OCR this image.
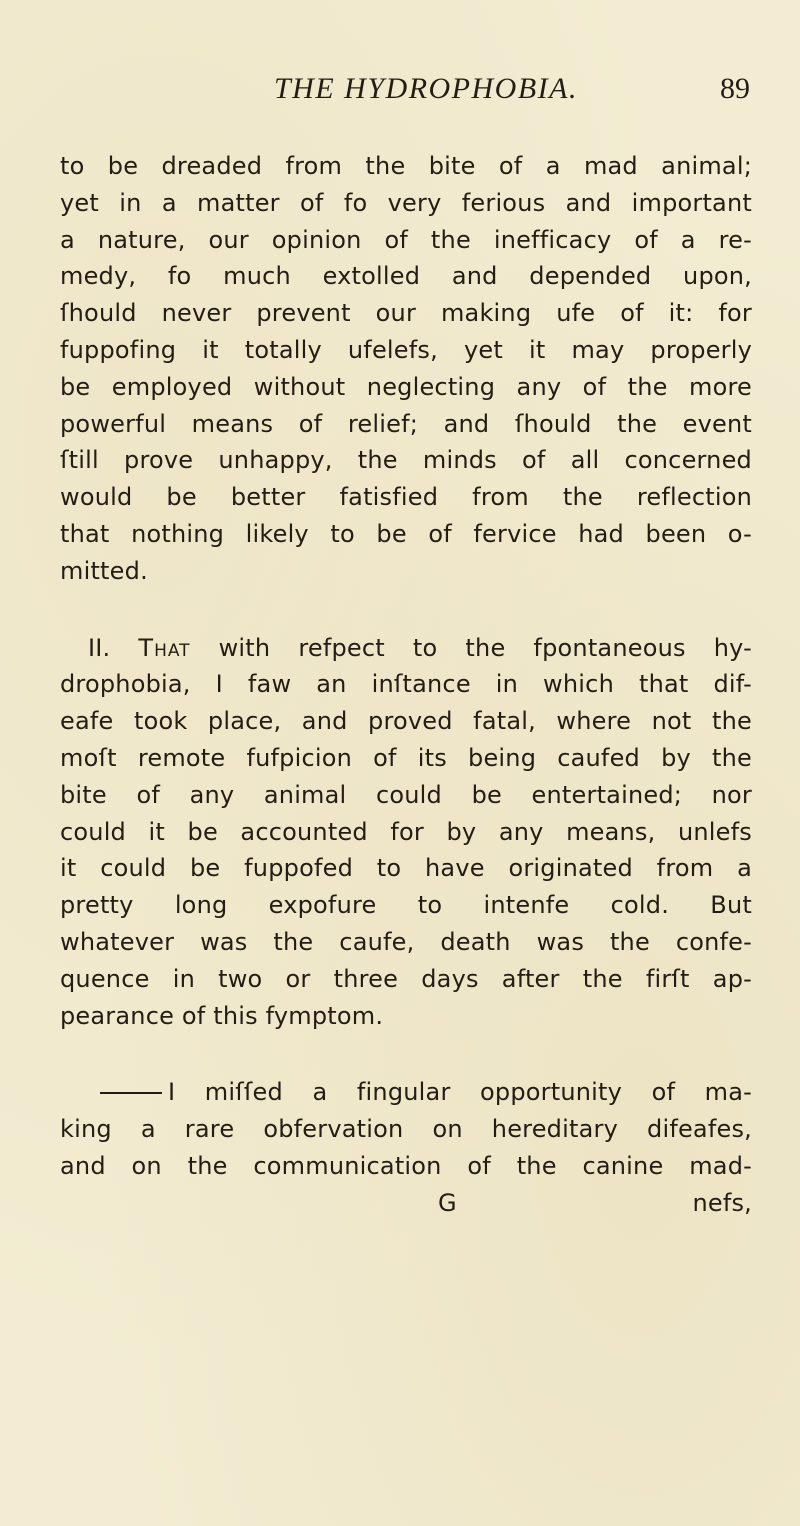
THE HYDROPHOBIA.	89
to be dreaded from the bite of a mad animal;
yet in a matter of fo very ferious and important
a nature, our opinion of the inefficacy of a re-
medy, fo much extolled and depended upon,
ſhould never prevent our making ufe of it: for
fuppofing it totally ufelefs, yet it may properly
be employed without neglecting any of the more
powerful means of relief; and ſhould the event
ſtill prove unhappy, the minds of all concerned
would be better fatisfied from the reflection
that nothing likely to be of fervice had been o-
mitted.
II. That with refpect to the fpontaneous hy-
drophobia, I faw an inſtance in which that dif-
eafe took place, and proved fatal, where not the
moſt remote fufpicion of its being caufed by the
bite of any animal could be entertained; nor
could it be accounted for by any means, unlefs
it could be fuppofed to have originated from a
pretty long expofure to intenfe cold. But
whatever was the caufe, death was the confe-
quence in two or three days after the firſt ap-
pearance of this fymptom.
I miſſed a fingular opportunity of ma-
king a rare obfervation on hereditary difeafes,
and on the communication of the canine mad-
G	nefs,
